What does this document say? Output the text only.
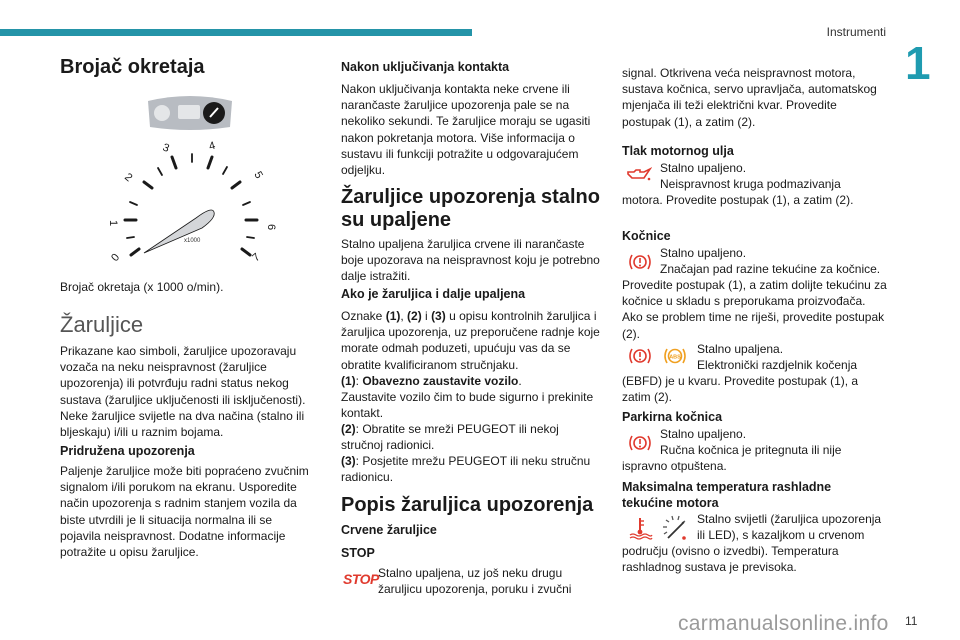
Instrumenti
1
11
carmanualsonline.info
Brojač okretaja
x1000
0
1
2
3	4
5
6
7

Brojač okretaja (x 1000 o/min).

Žaruljice

Prikazane kao simboli, žaruljice upozoravaju vozača na neku neispravnost (žaruljice upozorenja) ili potvrđuju radni status nekog sustava (žaruljice uključenosti ili isključenosti). Neke žaruljice svijetle na dva načina (stalno ili bljeskaju) i/ili u raznim bojama.

Pridružena upozorenja

Paljenje žaruljice može biti popraćeno zvučnim signalom i/ili porukom na ekranu. Usporedite način upozorenja s radnim stanjem vozila da biste utvrdili je li situacija normalna ili se pojavila neispravnost. Dodatne informacije potražite u opisu žaruljice.

Nakon uključivanja kontakta

Nakon uključivanja kontakta neke crvene ili narančaste žaruljice upozorenja pale se na nekoliko sekundi. Te žaruljice moraju se ugasiti nakon pokretanja motora. Više informacija o sustavu ili funkciji potražite u odgovarajućem odjeljku.

Žaruljice upozorenja stalno su upaljene

Stalno upaljena žaruljica crvene ili narančaste boje upozorava na neispravnost koju je potrebno dalje istražiti.

Ako je žaruljica i dalje upaljena

Oznake (1), (2) i (3) u opisu kontrolnih žaruljica i žaruljica upozorenja, uz preporučene radnje koje morate odmah poduzeti, upućuju vas da se obratite kvalificiranom stručnjaku.

(1): Obavezno zaustavite vozilo.
Zaustavite vozilo čim to bude sigurno i prekinite kontakt.

(2): Obratite se mreži PEUGEOT ili nekoj stručnoj radionici.

(3): Posjetite mrežu PEUGEOT ili neku stručnu radionicu.

Popis žaruljica upozorenja
Crvene žaruljice
STOP
STOP Stalno upaljena, uz još neku drugu žaruljicu upozorenja, poruku i zvučni

signal. Otkrivena veća neispravnost motora, sustava kočnica, servo upravljača, automatskog mjenjača ili teži električni kvar. Provedite postupak (1), a zatim (2).

Tlak motornog ulja

Stalno upaljeno.
Neispravnost kruga podmazivanja

motora. Provedite postupak (1), a zatim (2).

Kočnice

Stalno upaljeno.
Značajan pad razine tekućine za kočnice.

Provedite postupak (1), a zatim dolijte tekućinu za kočnice u skladu s preporukama proizvođača. Ako se problem time ne riješi, provedite postupak (2).

ABS

Stalno upaljena.
Elektronički razdjelnik kočenja

(EBFD) je u kvaru. Provedite postupak (1), a zatim (2).

Parkirna kočnica

Stalno upaljeno.
Ručna kočnica je pritegnuta ili nije

ispravno otpuštena.

Maksimalna temperatura rashladne tekućine motora

Stalno svijetli (žaruljica upozorenja
ili LED), s kazaljkom u crvenom

području (ovisno o izvedbi). Temperatura rashladnog sustava je previsoka.
